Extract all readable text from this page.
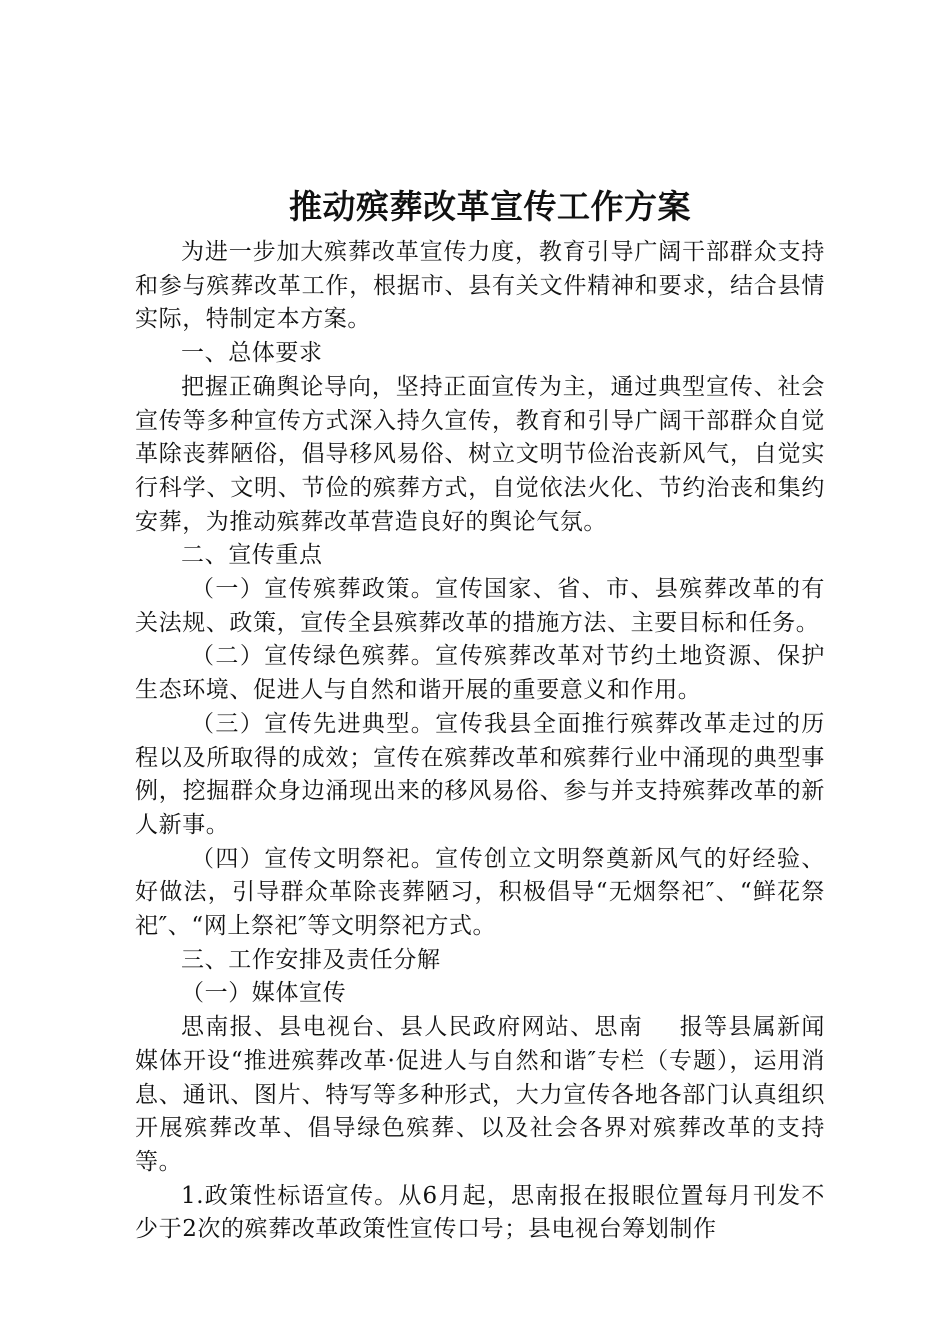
推动殡葬改革宣传工作方案

为进一步加大殡葬改革宣传力度，教育引导广阔干部群众支持和参与殡葬改革工作，根据市、县有关文件精神和要求，结合县情实际，特制定本方案。

一、总体要求

把握正确舆论导向，坚持正面宣传为主，通过典型宣传、社会宣传等多种宣传方式深入持久宣传，教育和引导广阔干部群众自觉革除丧葬陋俗，倡导移风易俗、树立文明节俭治丧新风气，自觉实行科学、文明、节俭的殡葬方式，自觉依法火化、节约治丧和集约安葬，为推动殡葬改革营造良好的舆论气氛。

二、宣传重点

（一）宣传殡葬政策。宣传国家、省、市、县殡葬改革的有关法规、政策，宣传全县殡葬改革的措施方法、主要目标和任务。

（二）宣传绿色殡葬。宣传殡葬改革对节约土地资源、保护生态环境、促进人与自然和谐开展的重要意义和作用。

（三）宣传先进典型。宣传我县全面推行殡葬改革走过的历程以及所取得的成效；宣传在殡葬改革和殡葬行业中涌现的典型事例，挖掘群众身边涌现出来的移风易俗、参与并支持殡葬改革的新人新事。

（四）宣传文明祭祀。宣传创立文明祭奠新风气的好经验、好做法，引导群众革除丧葬陋习，积极倡导“无烟祭祀″、“鲜花祭祀″、“网上祭祀″等文明祭祀方式。

三、工作安排及责任分解

（一）媒体宣传

思南报、县电视台、县人民政府网站、思南 报等县属新闻媒体开设“推进殡葬改革·促进人与自然和谐″专栏（专题），运用消息、通讯、图片、特写等多种形式，大力宣传各地各部门认真组织开展殡葬改革、倡导绿色殡葬、以及社会各界对殡葬改革的支持等。

1.政策性标语宣传。从6月起，思南报在报眼位置每月刊发不少于2次的殡葬改革政策性宣传口号；县电视台筹划制作
